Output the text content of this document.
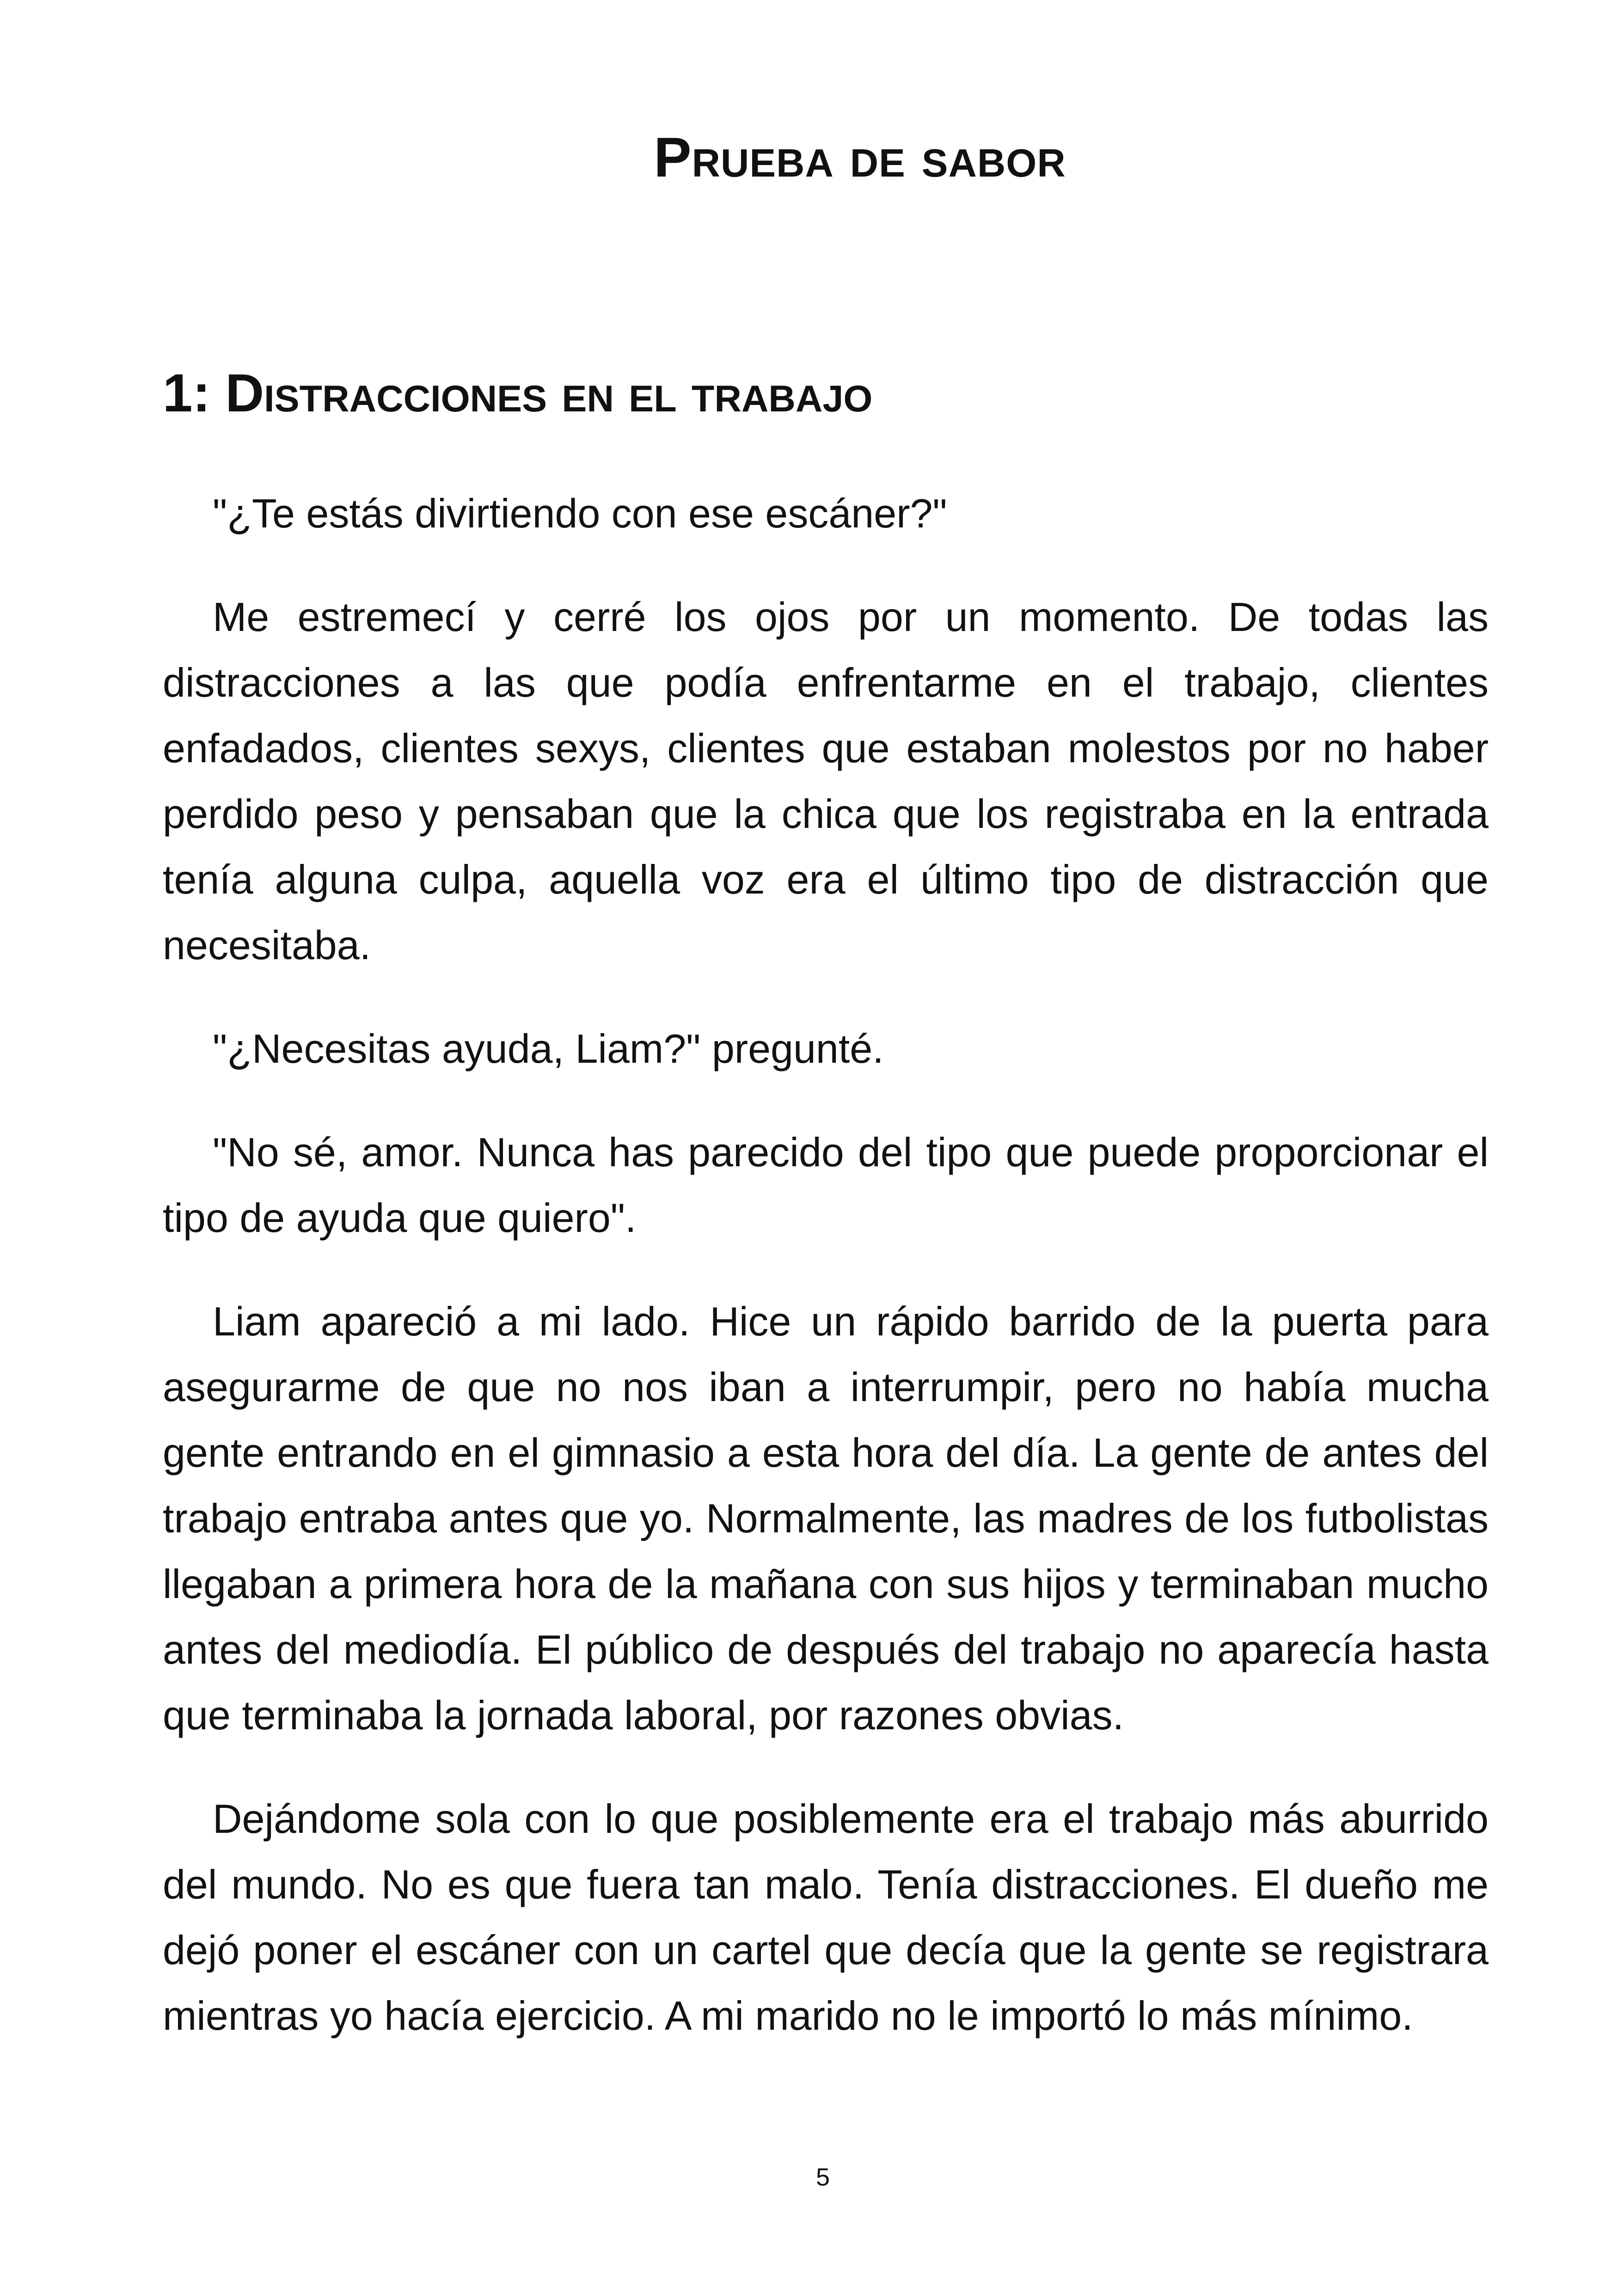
Prueba de sabor
1: Distracciones en el trabajo

"¿Te estás divirtiendo con ese escáner?"

Me estremecí y cerré los ojos por un momento. De todas las distracciones a las que podía enfrentarme en el trabajo, clientes enfadados, clientes sexys, clientes que estaban molestos por no haber perdido peso y pensaban que la chica que los registraba en la entrada tenía alguna culpa, aquella voz era el último tipo de distracción que necesitaba.

"¿Necesitas ayuda, Liam?" pregunté.

"No sé, amor. Nunca has parecido del tipo que puede proporcionar el tipo de ayuda que quiero".

Liam apareció a mi lado. Hice un rápido barrido de la puerta para asegurarme de que no nos iban a interrumpir, pero no había mucha gente entrando en el gimnasio a esta hora del día. La gente de antes del trabajo entraba antes que yo. Normalmente, las madres de los futbolistas llegaban a primera hora de la mañana con sus hijos y terminaban mucho antes del mediodía. El público de después del trabajo no aparecía hasta que terminaba la jornada laboral, por razones obvias.

Dejándome sola con lo que posiblemente era el trabajo más aburrido del mundo. No es que fuera tan malo. Tenía distracciones. El dueño me dejó poner el escáner con un cartel que decía que la gente se registrara mientras yo hacía ejercicio. A mi marido no le importó lo más mínimo.

5
